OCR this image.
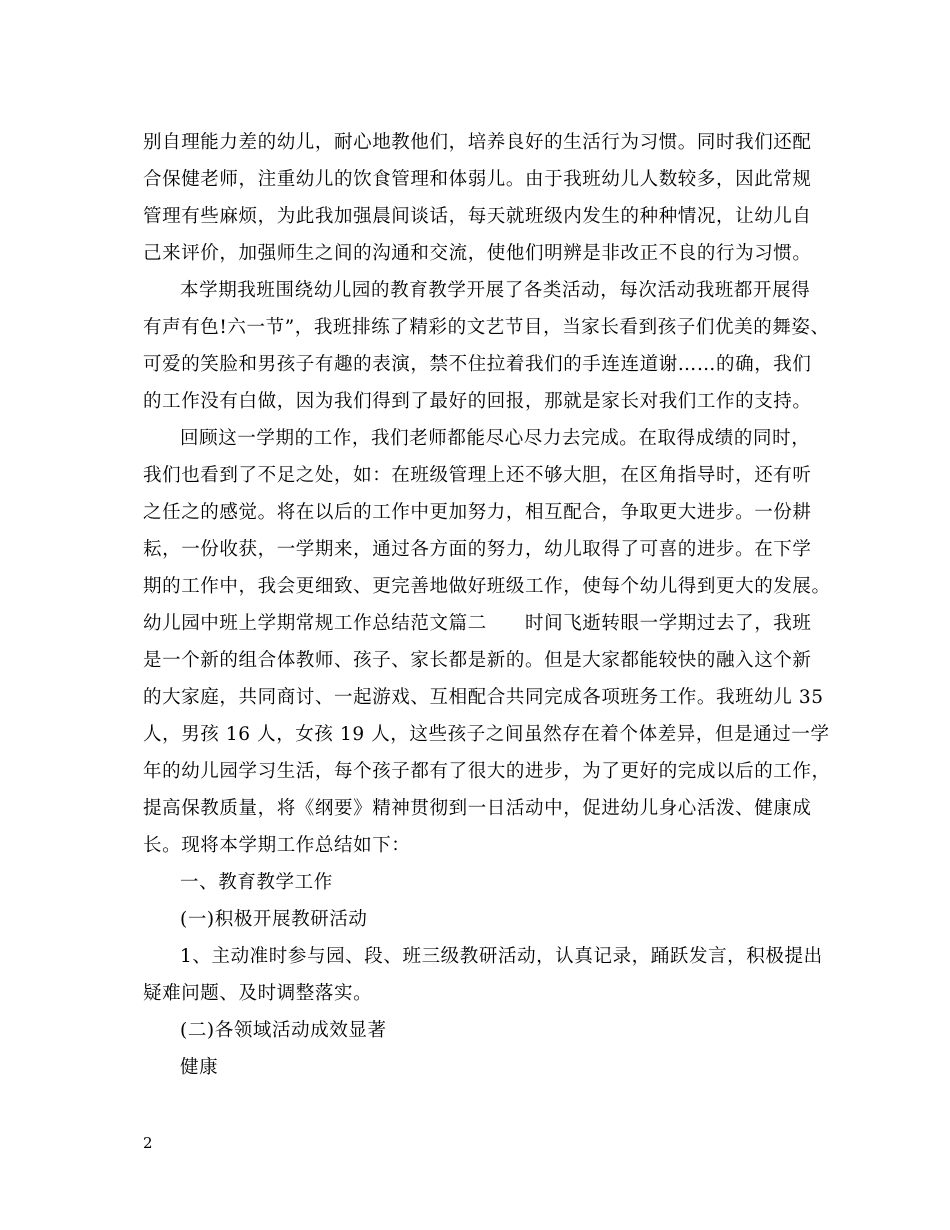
别自理能力差的幼儿，耐心地教他们，培养良好的生活行为习惯。同时我们还配
合保健老师，注重幼儿的饮食管理和体弱儿。由于我班幼儿人数较多，因此常规
管理有些麻烦，为此我加强晨间谈话，每天就班级内发生的种种情况，让幼儿自
己来评价，加强师生之间的沟通和交流，使他们明辨是非改正不良的行为习惯。
本学期我班围绕幼儿园的教育教学开展了各类活动，每次活动我班都开展得
有声有色!六一节”，我班排练了精彩的文艺节目，当家长看到孩子们优美的舞姿、
可爱的笑脸和男孩子有趣的表演，禁不住拉着我们的手连连道谢……的确，我们
的工作没有白做，因为我们得到了最好的回报，那就是家长对我们工作的支持。
回顾这一学期的工作，我们老师都能尽心尽力去完成。在取得成绩的同时，
我们也看到了不足之处，如：在班级管理上还不够大胆，在区角指导时，还有听
之任之的感觉。将在以后的工作中更加努力，相互配合，争取更大进步。一份耕
耘，一份收获，一学期来，通过各方面的努力，幼儿取得了可喜的进步。在下学
期的工作中，我会更细致、更完善地做好班级工作，使每个幼儿得到更大的发展。
幼儿园中班上学期常规工作总结范文篇二　　时间飞逝转眼一学期过去了，我班
是一个新的组合体教师、孩子、家长都是新的。但是大家都能较快的融入这个新
的大家庭，共同商讨、一起游戏、互相配合共同完成各项班务工作。我班幼儿 35
人，男孩 16 人，女孩 19 人，这些孩子之间虽然存在着个体差异，但是通过一学
年的幼儿园学习生活，每个孩子都有了很大的进步，为了更好的完成以后的工作，
提高保教质量，将《纲要》精神贯彻到一日活动中，促进幼儿身心活泼、健康成
长。现将本学期工作总结如下：
一、教育教学工作
(一)积极开展教研活动
1、主动准时参与园、段、班三级教研活动，认真记录，踊跃发言，积极提出
疑难问题、及时调整落实。
(二)各领域活动成效显著
健康
2
